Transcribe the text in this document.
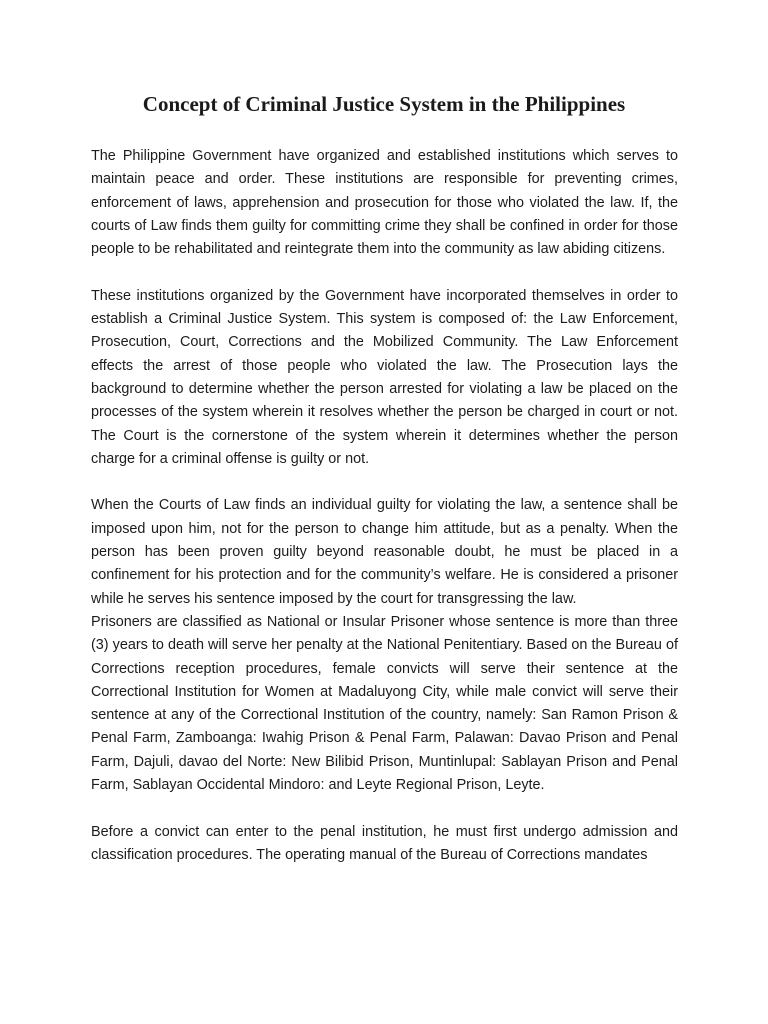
Concept of Criminal Justice System in the Philippines

The Philippine Government have organized and established institutions which serves to maintain peace and order. These institutions are responsible for preventing crimes, enforcement of laws, apprehension and prosecution for those who violated the law. If, the courts of Law finds them guilty for committing crime they shall be confined in order for those people to be rehabilitated and reintegrate them into the community as law abiding citizens.

These institutions organized by the Government have incorporated themselves in order to establish a Criminal Justice System. This system is composed of: the Law Enforcement, Prosecution, Court, Corrections and the Mobilized Community. The Law Enforcement effects the arrest of those people who violated the law. The Prosecution lays the background to determine whether the person arrested for violating a law be placed on the processes of the system wherein it resolves whether the person be charged in court or not. The Court is the cornerstone of the system wherein it determines whether the person charge for a criminal offense is guilty or not.

When the Courts of Law finds an individual guilty for violating the law, a sentence shall be imposed upon him, not for the person to change him attitude, but as a penalty. When the person has been proven guilty beyond reasonable doubt, he must be placed in a confinement for his protection and for the community’s welfare. He is considered a prisoner while he serves his sentence imposed by the court for transgressing the law.

Prisoners are classified as National or Insular Prisoner whose sentence is more than three (3) years to death will serve her penalty at the National Penitentiary. Based on the Bureau of Corrections reception procedures, female convicts will serve their sentence at the Correctional Institution for Women at Madaluyong City, while male convict will serve their sentence at any of the Correctional Institution of the country, namely: San Ramon Prison & Penal Farm, Zamboanga: Iwahig Prison & Penal Farm, Palawan: Davao Prison and Penal Farm, Dajuli, davao del Norte: New Bilibid Prison, Muntinlupal: Sablayan Prison and Penal Farm, Sablayan Occidental Mindoro: and Leyte Regional Prison, Leyte.

Before a convict can enter to the penal institution, he must first undergo admission and classification procedures. The operating manual of the Bureau of Corrections mandates
